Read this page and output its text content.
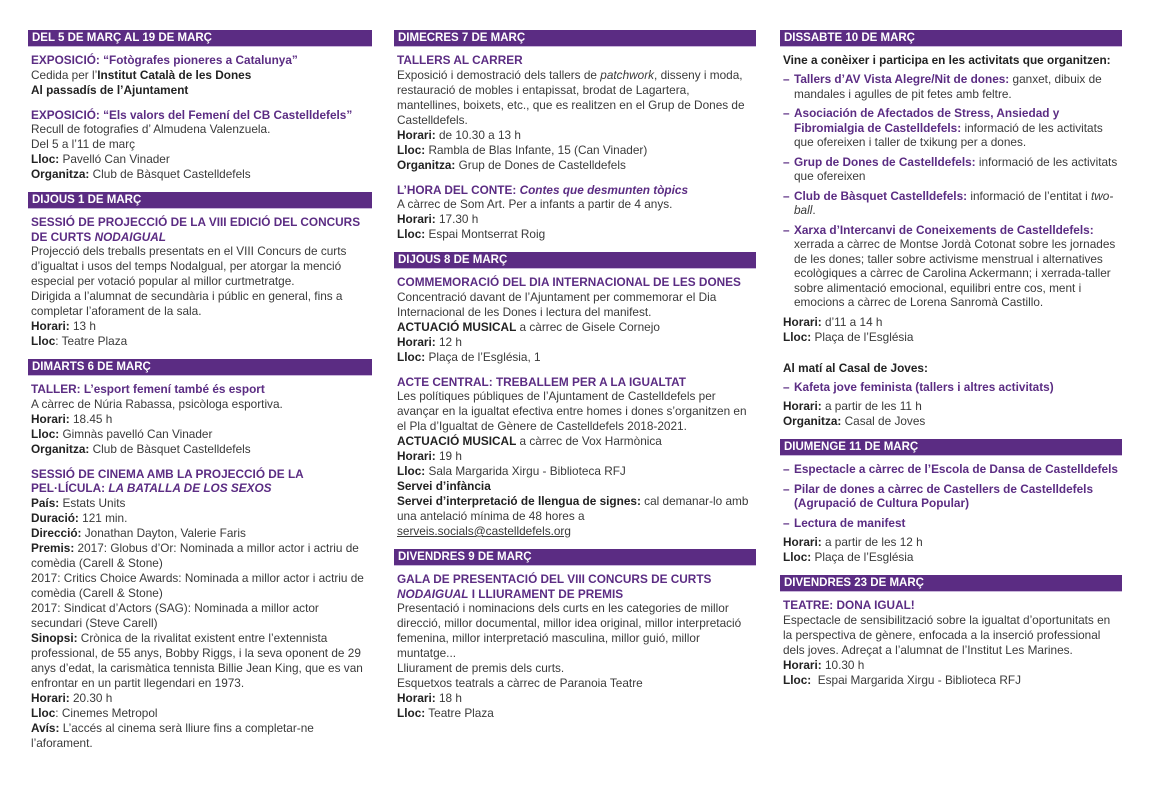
DEL 5 DE MARÇ AL 19 DE MARÇ
EXPOSICIÓ: “Fotògrafes pioneres a Catalunya”
Cedida per l’Institut Català de les Dones
Al passadís de l’Ajuntament
EXPOSICIÓ: “Els valors del Femení del CB Castelldefels”
Recull de fotografies d’ Almudena Valenzuela.
Del 5 a l’11 de març
Lloc: Pavelló Can Vinader
Organitza: Club de Bàsquet Castelldefels
DIJOUS 1 DE MARÇ
SESSIÓ DE PROJECCIÓ DE LA VIII EDICIÓ DEL CONCURS DE CURTS NODAIGUAL
Projecció dels treballs presentats en el VIII Concurs de curts d’igualtat i usos del temps Nodalgual, per atorgar la menció especial per votació popular al millor curtmetratge.
Dirigida a l’alumnat de secundària i públic en general, fins a completar l’aforament de la sala.
Horari: 13 h
Lloc: Teatre Plaza
DIMARTS 6 DE MARÇ
TALLER: L’esport femení també és esport
A càrrec de Núria Rabassa, psicòloga esportiva.
Horari: 18.45 h
Lloc: Gimnàs pavelló Can Vinader
Organitza: Club de Bàsquet Castelldefels
SESSIÓ DE CINEMA AMB LA PROJECCIÓ DE LA PEL·LÍCULA: LA BATALLA DE LOS SEXOS
País: Estats Units
Duració: 121 min.
Direcció: Jonathan Dayton, Valerie Faris
Premis: 2017: Globus d’Or: Nominada a millor actor i actriu de comèdia (Carell & Stone)
2017: Critics Choice Awards: Nominada a millor actor i actriu de comèdia (Carell & Stone)
2017: Sindicat d’Actors (SAG): Nominada a millor actor secundari (Steve Carell)
Sinopsi: Crònica de la rivalitat existent entre l’extennista professional, de 55 anys, Bobby Riggs, i la seva oponent de 29 anys d’edat, la carismàtica tennista Billie Jean King, que es van enfrontar en un partit llegendari en 1973.
Horari: 20.30 h
Lloc: Cinemes Metropol
Avís: L’accés al cinema serà lliure fins a completar-ne l’aforament.
DIMECRES 7 DE MARÇ
TALLERS AL CARRER
Exposició i demostració dels tallers de patchwork, disseny i moda, restauració de mobles i entapissat, brodat de Lagartera, mantellines, boixets, etc., que es realitzen en el Grup de Dones de Castelldefels.
Horari: de 10.30 a 13 h
Lloc: Rambla de Blas Infante, 15 (Can Vinader)
Organitza: Grup de Dones de Castelldefels
L’HORA DEL CONTE: Contes que desmunten tòpics
A càrrec de Som Art. Per a infants a partir de 4 anys.
Horari: 17.30 h
Lloc: Espai Montserrat Roig
DIJOUS 8 DE MARÇ
COMMEMORACIÓ DEL DIA INTERNACIONAL DE LES DONES
Concentració davant de l’Ajuntament per commemorar el Dia Internacional de les Dones i lectura del manifest.
ACTUACIÓ MUSICAL a càrrec de Gisele Cornejo
Horari: 12 h
Lloc: Plaça de l’Església, 1
ACTE CENTRAL: TREBALLEM PER A LA IGUALTAT
Les polítiques públiques de l’Ajuntament de Castelldefels per avançar en la igualtat efectiva entre homes i dones s’organitzen en el Pla d’Igualtat de Gènere de Castelldefels 2018-2021.
ACTUACIÓ MUSICAL a càrrec de Vox Harmònica
Horari: 19 h
Lloc: Sala Margarida Xirgu - Biblioteca RFJ
Servei d’infància
Servei d’interpretació de llengua de signes: cal demanar-lo amb una antelació mínima de 48 hores a
serveis.socials@castelldefels.org
DIVENDRES 9 DE MARÇ
GALA DE PRESENTACIÓ DEL VIII CONCURS DE CURTS NODAIGUAL I LLIURAMENT DE PREMIS
Presentació i nominacions dels curts en les categories de millor direcció, millor documental, millor idea original, millor interpretació femenina, millor interpretació masculina, millor guió, millor muntatge...
Lliurament de premis dels curts.
Esquetxos teatrals a càrrec de Paranoia Teatre
Horari: 18 h
Lloc: Teatre Plaza
DISSABTE 10 DE MARÇ
Vine a conèixer i participa en les activitats que organitzen:
– Tallers d’AV Vista Alegre/Nit de dones: ganxet, dibuix de mandales i agulles de pit fetes amb feltre.
– Asociación de Afectados de Stress, Ansiedad y Fibromialgia de Castelldefels: informació de les activitats que ofereixen i taller de txikung per a dones.
– Grup de Dones de Castelldefels: informació de les activitats que ofereixen
– Club de Bàsquet Castelldefels: informació de l’entitat i two-ball.
– Xarxa d’Intercanvi de Coneixements de Castelldefels: xerrada a càrrec de Montse Jordà Cotonat sobre les jornades de les dones; taller sobre activisme menstrual i alternatives ecològiques a càrrec de Carolina Ackermann; i xerrada-taller sobre alimentació emocional, equilibri entre cos, ment i emocions a càrrec de Lorena Sanromà Castillo.
Horari: d’11 a 14 h
Lloc: Plaça de l’Església
Al matí al Casal de Joves:
– Kafeta jove feminista (tallers i altres activitats)
Horari: a partir de les 11 h
Organitza: Casal de Joves
DIUMENGE 11 DE MARÇ
– Espectacle a càrrec de l’Escola de Dansa de Castelldefels
– Pilar de dones a càrrec de Castellers de Castelldefels (Agrupació de Cultura Popular)
– Lectura de manifest
Horari: a partir de les 12 h
Lloc: Plaça de l’Església
DIVENDRES 23 DE MARÇ
TEATRE: DONA IGUAL!
Espectacle de sensibilització sobre la igualtat d’oportunitats en la perspectiva de gènere, enfocada a la inserció professional dels joves. Adreçat a l’alumnat de l’Institut Les Marines.
Horari: 10.30 h
Lloc:  Espai Margarida Xirgu - Biblioteca RFJ
